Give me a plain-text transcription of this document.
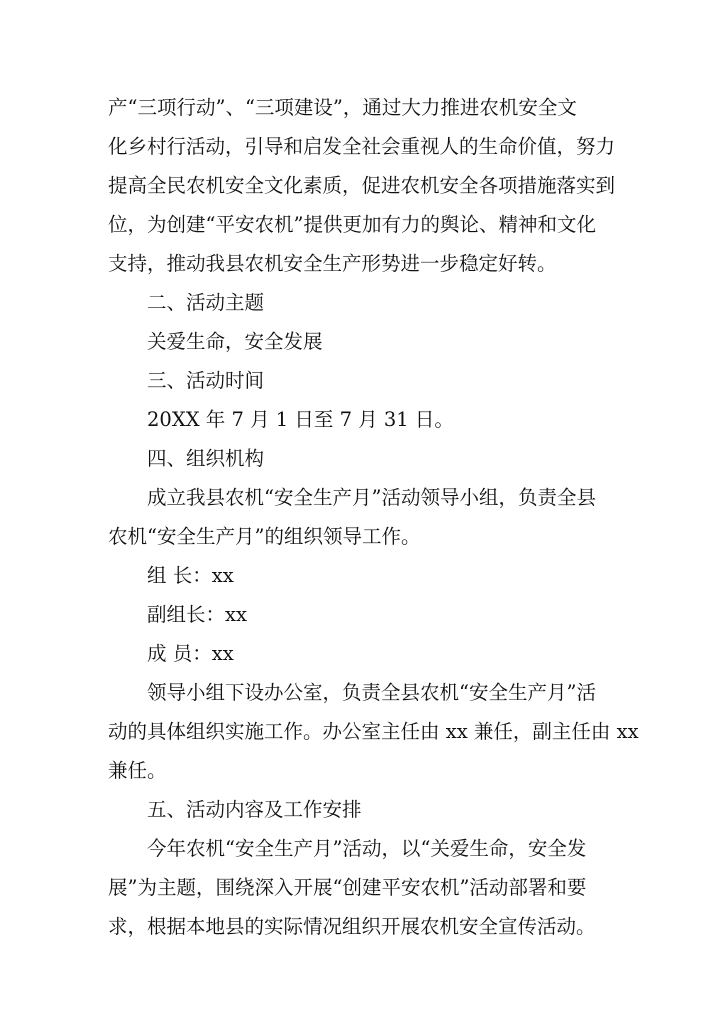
产“三项行动”、“三项建设”，通过大力推进农机安全文
化乡村行活动，引导和启发全社会重视人的生命价值，努力
提高全民农机安全文化素质，促进农机安全各项措施落实到
位，为创建“平安农机”提供更加有力的舆论、精神和文化
支持，推动我县农机安全生产形势进一步稳定好转。
二、活动主题
关爱生命，安全发展
三、活动时间
20XX 年 7 月 1 日至 7 月 31 日。
四、组织机构
成立我县农机“安全生产月”活动领导小组，负责全县
农机“安全生产月”的组织领导工作。
组 长：xx
副组长：xx
成 员：xx
领导小组下设办公室，负责全县农机“安全生产月”活
动的具体组织实施工作。办公室主任由 xx 兼任，副主任由 xx
兼任。
五、活动内容及工作安排
今年农机“安全生产月”活动，以“关爱生命，安全发
展”为主题，围绕深入开展“创建平安农机”活动部署和要
求，根据本地县的实际情况组织开展农机安全宣传活动。
